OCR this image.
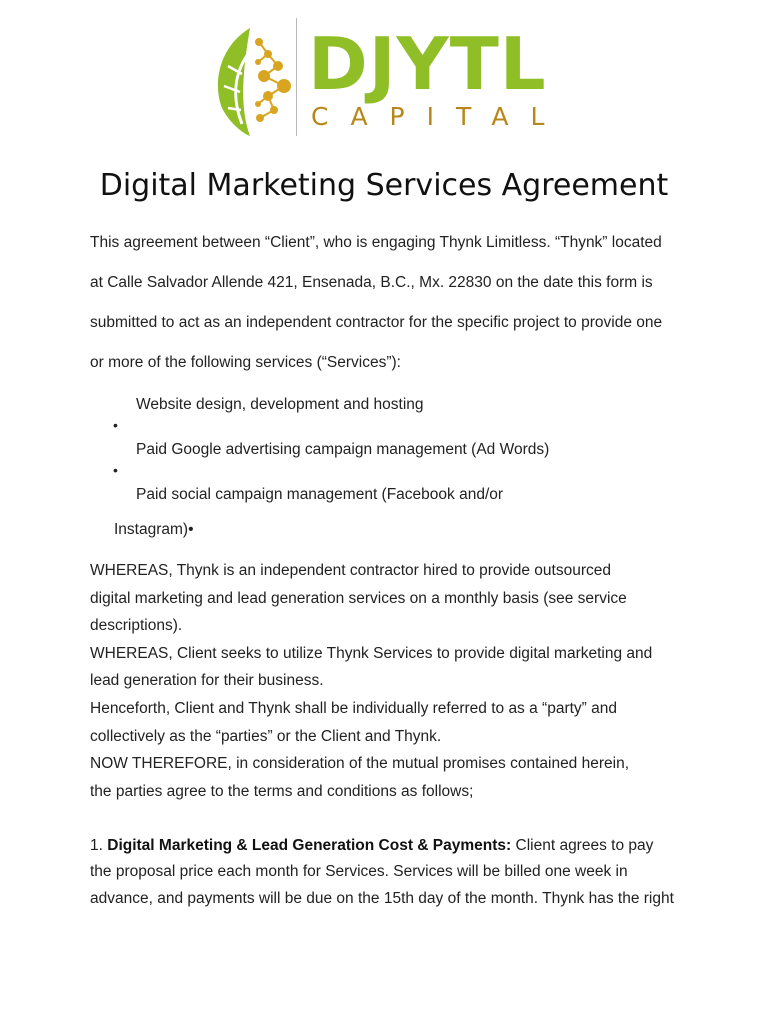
DJYTL
CAPITAL
Digital Marketing Services Agreement
This agreement between “Client”, who is engaging Thynk Limitless. “Thynk” located
at Calle Salvador Allende 421, Ensenada, B.C., Mx. 22830 on the date this form is
submitted to act as an independent contractor for the specific project to provide one
or more of the following services (“Services”):
Website design, development and hosting
•
Paid Google advertising campaign management (Ad Words)
•
Paid social campaign management (Facebook and/or
Instagram)•
WHEREAS, Thynk is an independent contractor hired to provide outsourced
digital marketing and lead generation services on a monthly basis (see service
descriptions).
WHEREAS, Client seeks to utilize Thynk Services to provide digital marketing and
lead generation for their business.
Henceforth, Client and Thynk shall be individually referred to as a “party” and
collectively as the “parties” or the Client and Thynk.
NOW THEREFORE, in consideration of the mutual promises contained herein,
the parties agree to the terms and conditions as follows;
1. Digital Marketing & Lead Generation Cost & Payments: Client agrees to pay
the proposal price each month for Services. Services will be billed one week in
advance, and payments will be due on the 15th day of the month. Thynk has the right
